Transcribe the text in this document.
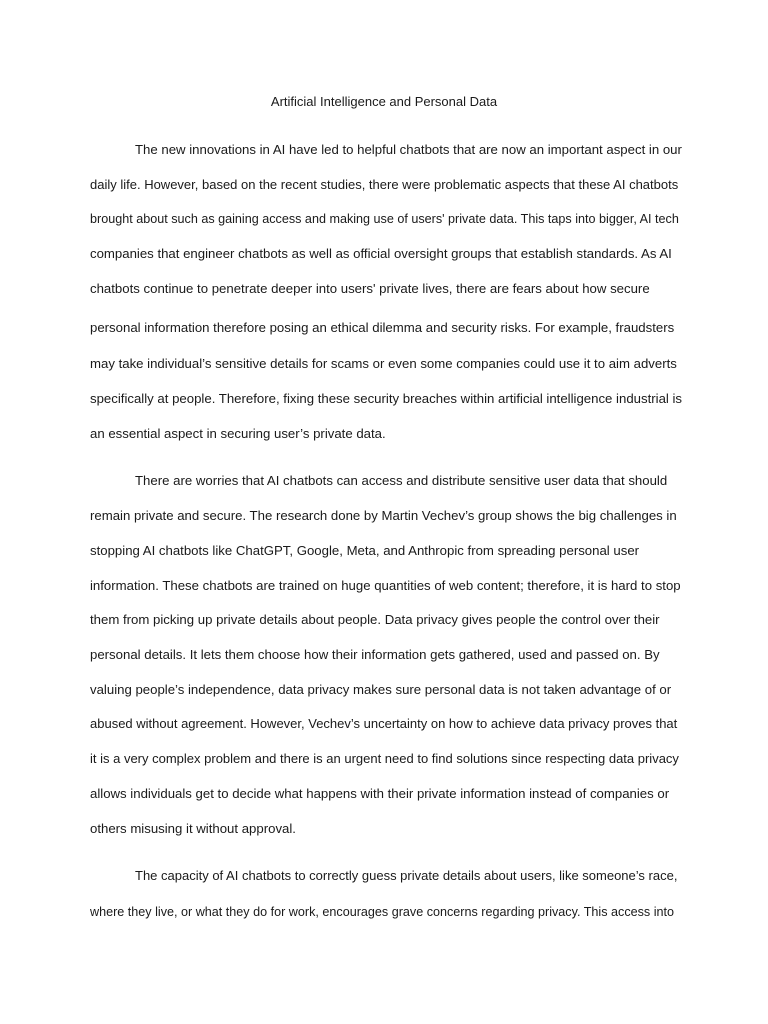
Artificial Intelligence and Personal Data
The new innovations in AI have led to helpful chatbots that are now an important aspect in our
daily life. However, based on the recent studies, there were problematic aspects that these AI chatbots
brought about such as gaining access and making use of users' private data. This taps into bigger, AI tech
companies that engineer chatbots as well as official oversight groups that establish standards. As AI
chatbots continue to penetrate deeper into users' private lives, there are fears about how secure
personal information therefore posing an ethical dilemma and security risks. For example, fraudsters
may take individual’s sensitive details for scams or even some companies could use it to aim adverts
specifically at people. Therefore, fixing these security breaches within artificial intelligence industrial is
an essential aspect in securing user’s private data.
There are worries that AI chatbots can access and distribute sensitive user data that should
remain private and secure. The research done by Martin Vechev’s group shows the big challenges in
stopping AI chatbots like ChatGPT, Google, Meta, and Anthropic from spreading personal user
information. These chatbots are trained on huge quantities of web content; therefore, it is hard to stop
them from picking up private details about people. Data privacy gives people the control over their
personal details. It lets them choose how their information gets gathered, used and passed on. By
valuing people’s independence, data privacy makes sure personal data is not taken advantage of or
abused without agreement. However, Vechev’s uncertainty on how to achieve data privacy proves that
it is a very complex problem and there is an urgent need to find solutions since respecting data privacy
allows individuals get to decide what happens with their private information instead of companies or
others misusing it without approval.
The capacity of AI chatbots to correctly guess private details about users, like someone’s race,
where they live, or what they do for work, encourages grave concerns regarding privacy. This access into
